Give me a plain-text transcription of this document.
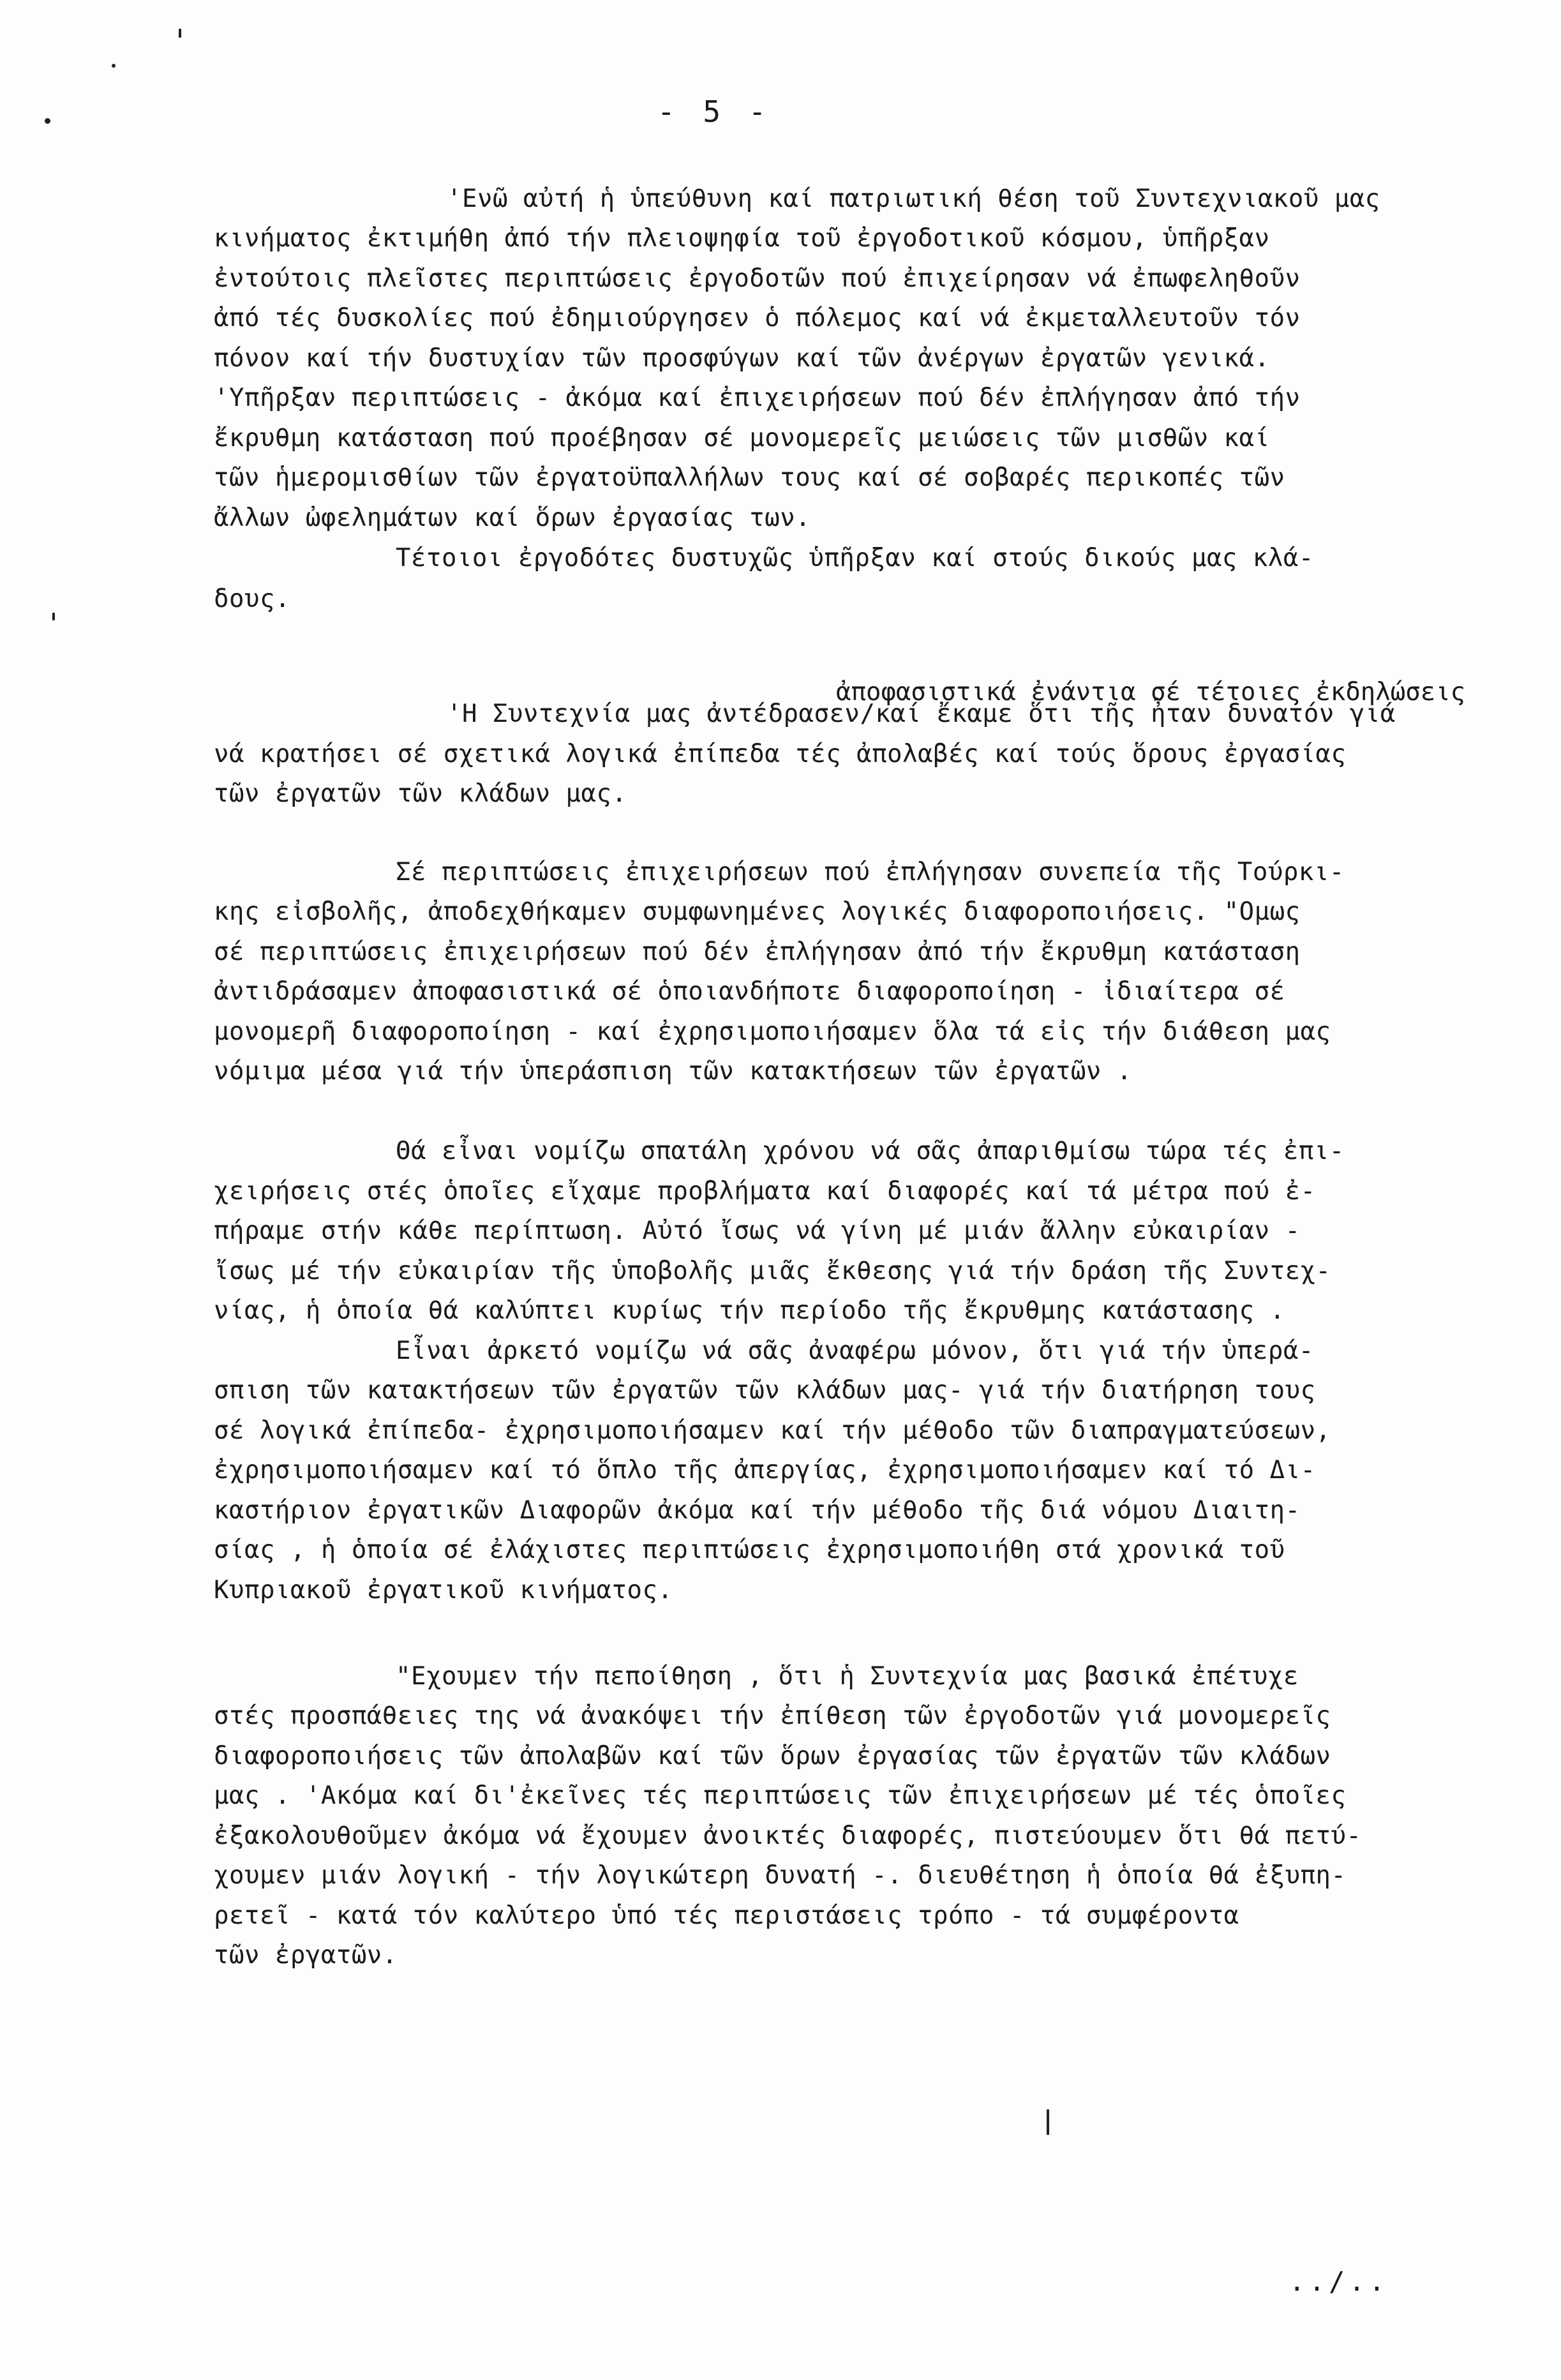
- 5 -
'Ενῶ αὐτή ἡ ὑπεύθυνη καί πατριωτική θέση τοῦ Συντεχνιακοῦ μας
κινήματος ἐκτιμήθη ἀπό τήν πλειοψηφία τοῦ ἐργοδοτικοῦ κόσμου, ὑπῆρξαν
ἐντούτοις πλεῖστες περιπτώσεις ἐργοδοτῶν πού ἐπιχείρησαν νά ἐπωφεληθοῦν
ἀπό τές δυσκολίες πού ἐδημιούργησεν ὁ πόλεμος καί νά ἐκμεταλλευτοῦν τόν
πόνον καί τήν δυστυχίαν τῶν προσφύγων καί τῶν ἀνέργων ἐργατῶν γενικά.
'Υπῆρξαν περιπτώσεις - ἀκόμα καί ἐπιχειρήσεων πού δέν ἐπλήγησαν ἀπό τήν
ἔκρυθμη κατάσταση πού προέβησαν σέ μονομερεῖς μειώσεις τῶν μισθῶν καί
τῶν ἡμερομισθίων τῶν ἐργατοϋπαλλήλων τους καί σέ σοβαρές περικοπές τῶν
ἄλλων ὠφελημάτων καί ὅρων ἐργασίας των.
Τέτοιοι ἐργοδότες δυστυχῶς ὑπῆρξαν καί στούς δικούς μας κλά-
δους.
ἀποφασιστικά ἐνάντια σέ τέτοιες ἐκδηλώσεις
'Η Συντεχνία μας ἀντέδρασεν/καί ἔκαμε ὅτι τῆς ἦταν δυνατόν γιά
νά κρατήσει σέ σχετικά λογικά ἐπίπεδα τές ἀπολαβές καί τούς ὅρους ἐργασίας
τῶν ἐργατῶν τῶν κλάδων μας.
Σέ περιπτώσεις ἐπιχειρήσεων πού ἐπλήγησαν συνεπεία τῆς Τούρκι-
κης εἰσβολῆς, ἀποδεχθήκαμεν συμφωνημένες λογικές διαφοροποιήσεις. "Ομως
σέ περιπτώσεις ἐπιχειρήσεων πού δέν ἐπλήγησαν ἀπό τήν ἔκρυθμη κατάσταση
ἀντιδράσαμεν ἀποφασιστικά σέ ὁποιανδήποτε διαφοροποίηση - ἰδιαίτερα σέ
μονομερῆ διαφοροποίηση - καί ἐχρησιμοποιήσαμεν ὅλα τά εἰς τήν διάθεση μας
νόμιμα μέσα γιά τήν ὑπεράσπιση τῶν κατακτήσεων τῶν ἐργατῶν .
Θά εἶναι νομίζω σπατάλη χρόνου νά σᾶς ἀπαριθμίσω τώρα τές ἐπι-
χειρήσεις στές ὁποῖες εἴχαμε προβλήματα καί διαφορές καί τά μέτρα πού ἐ-
πήραμε στήν κάθε περίπτωση. Αὐτό ἴσως νά γίνη μέ μιάν ἄλλην εὐκαιρίαν -
ἴσως μέ τήν εὐκαιρίαν τῆς ὑποβολῆς μιᾶς ἔκθεσης γιά τήν δράση τῆς Συντεχ-
νίας, ἡ ὁποία θά καλύπτει κυρίως τήν περίοδο τῆς ἔκρυθμης κατάστασης .
Εἶναι ἀρκετό νομίζω νά σᾶς ἀναφέρω μόνον, ὅτι γιά τήν ὑπερά-
σπιση τῶν κατακτήσεων τῶν ἐργατῶν τῶν κλάδων μας- γιά τήν διατήρηση τους
σέ λογικά ἐπίπεδα- ἐχρησιμοποιήσαμεν καί τήν μέθοδο τῶν διαπραγματεύσεων,
ἐχρησιμοποιήσαμεν καί τό ὅπλο τῆς ἀπεργίας, ἐχρησιμοποιήσαμεν καί τό Δι-
καστήριον ἐργατικῶν Διαφορῶν ἀκόμα καί τήν μέθοδο τῆς διά νόμου Διαιτη-
σίας , ἡ ὁποία σέ ἐλάχιστες περιπτώσεις ἐχρησιμοποιήθη στά χρονικά τοῦ
Κυπριακοῦ ἐργατικοῦ κινήματος.
"Εχουμεν τήν πεποίθηση , ὅτι ἡ Συντεχνία μας βασικά ἐπέτυχε
στές προσπάθειες της νά ἀνακόψει τήν ἐπίθεση τῶν ἐργοδοτῶν γιά μονομερεῖς
διαφοροποιήσεις τῶν ἀπολαβῶν καί τῶν ὅρων ἐργασίας τῶν ἐργατῶν τῶν κλάδων
μας . 'Ακόμα καί δι'ἐκεῖνες τές περιπτώσεις τῶν ἐπιχειρήσεων μέ τές ὁποῖες
ἐξακολουθοῦμεν ἀκόμα νά ἔχουμεν ἀνοικτές διαφορές, πιστεύουμεν ὅτι θά πετύ-
χουμεν μιάν λογική - τήν λογικώτερη δυνατή -. διευθέτηση ἡ ὁποία θά ἐξυπη-
ρετεῖ - κατά τόν καλύτερο ὑπό τές περιστάσεις τρόπο - τά συμφέροντα
τῶν ἐργατῶν.
../..
